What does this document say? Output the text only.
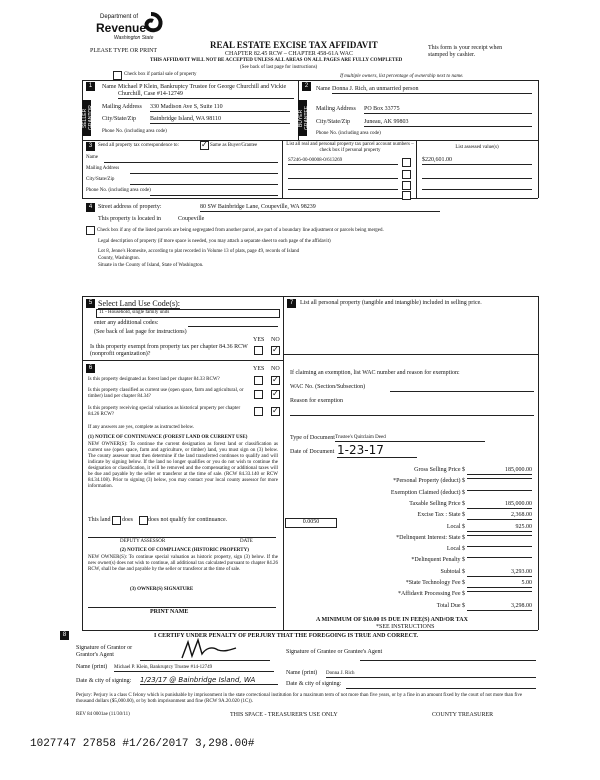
Department of
Revenue
Washington State
PLEASE TYPE OR PRINT
REAL ESTATE EXCISE TAX AFFIDAVIT
CHAPTER 82.45 RCW – CHAPTER 458-61A WAC
THIS AFFIDAVIT WILL NOT BE ACCEPTED UNLESS ALL AREAS ON ALL PAGES ARE FULLY COMPLETED
(See back of last page for instructions)
This form is your receipt when stamped by cashier.
Check box if partial sale of property	If multiple owners, list percentage of ownership next to name.
1
SELLER GRANTOR
Name Michael P Klein, Bankruptcy Trustee for George Churchill and Vickie Churchill, Case #14-12749
Mailing Address 330 Madison Ave S, Suite 110
City/State/Zip Bainbridge Island, WA 98110
Phone No. (including area code)
2
BUYER GRANTEE
Name Donna J. Rich, an unmarried person
Mailing Address PO Box 33775
City/State/Zip Juneau, AK 99803
Phone No. (including area code)
3	Send all property tax correspondence to:
✓	Same as Buyer/Grantee
Name
Mailing Address
City/State/Zip
Phone No. (including area code)
List all real and personal property tax parcel account numbers – check box if personal property
List assessed value(s)
S7246-00-00008-0/613269	$220,601.00
4 Street address of property:	80 SW Bainbridge Lane, Coupeville, WA 98239
This property is located in	Coupeville
Check box if any of the listed parcels are being segregated from another parcel, are part of a boundary line adjustment or parcels being merged.
Legal description of property (if more space is needed, you may attach a separate sheet to each page of the affidavit)
Lot 8, Jenne's Homesite, according to plat recorded in Volume 13 of plats, page 49, records of Island
County, Washington.
Situate in the County of Island, State of Washington.
5 Select Land Use Code(s):
11 - Household, single family units
enter any additional codes:
(See back of last page for instructions)
YES NO
Is this property exempt from property tax per chapter 84.36 RCW (nonprofit organization)?
✓
6	YES NO
Is this property designated as forest land per chapter 84.33 RCW?
✓
Is this property classified as current use (open space, farm and agricultural, or timber) land per chapter 84.34?
✓
Is this property receiving special valuation as historical property per chapter 84.26 RCW?
✓
If any answers are yes, complete as instructed below.
(1) NOTICE OF CONTINUANCE (FOREST LAND OR CURRENT USE)
NEW OWNER(S): To continue the current designation as forest land or classification as current use (open space, farm and agriculture, or timber) land, you must sign on (3) below. The county assessor must then determine if the land transferred continues to qualify and will indicate by signing below. If the land no longer qualifies or you do not wish to continue the designation or classification, it will be removed and the compensating or additional taxes will be due and payable by the seller or transferor at the time of sale. (RCW 84.33.140 or RCW 84.34.108). Prior to signing (3) below, you may contact your local county assessor for more information.
This land does	does not qualify for continuance.
DEPUTY ASSESSOR	DATE
(2) NOTICE OF COMPLIANCE (HISTORIC PROPERTY)
NEW OWNER(S): To continue special valuation as historic property, sign (3) below. If the new owner(s) does not wish to continue, all additional tax calculated pursuant to chapter 84.26 RCW, shall be due and payable by the seller or transferor at the time of sale.
(3) OWNER(S) SIGNATURE
PRINT NAME
7	List all personal property (tangible and intangible) included in selling price.
If claiming an exemption, list WAC number and reason for exemption:
WAC No. (Section/Subsection)
Reason for exemption
Type of Document Trustee's Quitclaim Deed
Date of Document 1-23-17
Gross Selling Price $	185,000.00
*Personal Property (deduct) $
Exemption Claimed (deduct) $
Taxable Selling Price $	185,000.00
Excise Tax : State $	2,368.00
Local $	925.00
*Delinquent Interest: State $
Local $
*Delinquent Penalty $
Subtotal $	3,293.00
*State Technology Fee $	5.00
*Affidavit Processing Fee $
Total Due $	3,298.00
0.0050
A MINIMUM OF $10.00 IS DUE IN FEE(S) AND/OR TAX
*SEE INSTRUCTIONS
8	I CERTIFY UNDER PENALTY OF PERJURY THAT THE FOREGOING IS TRUE AND CORRECT.
Signature of Grantor or Grantor's Agent	Signature of Grantee or Grantee's Agent
Name (print) Michael P. Klein, Bankruptcy Trustee #14-12749
Name (print) Donna J. Rich
Date & city of signing: 1/23/17 @ Bainbridge Island, WA	Date & city of signing:
Perjury: Perjury is a class C felony which is punishable by imprisonment in the state correctional institution for a maximum term of not more than five years, or by a fine in an amount fixed by the court of not more than five thousand dollars ($5,000.00), or by both imprisonment and fine (RCW 9A.20.020 (1C)).
REV 84 0001ae (11/30/11)	THIS SPACE - TREASURER'S USE ONLY	COUNTY TREASURER
1027747 27858 #1/26/2017 3,298.00#
